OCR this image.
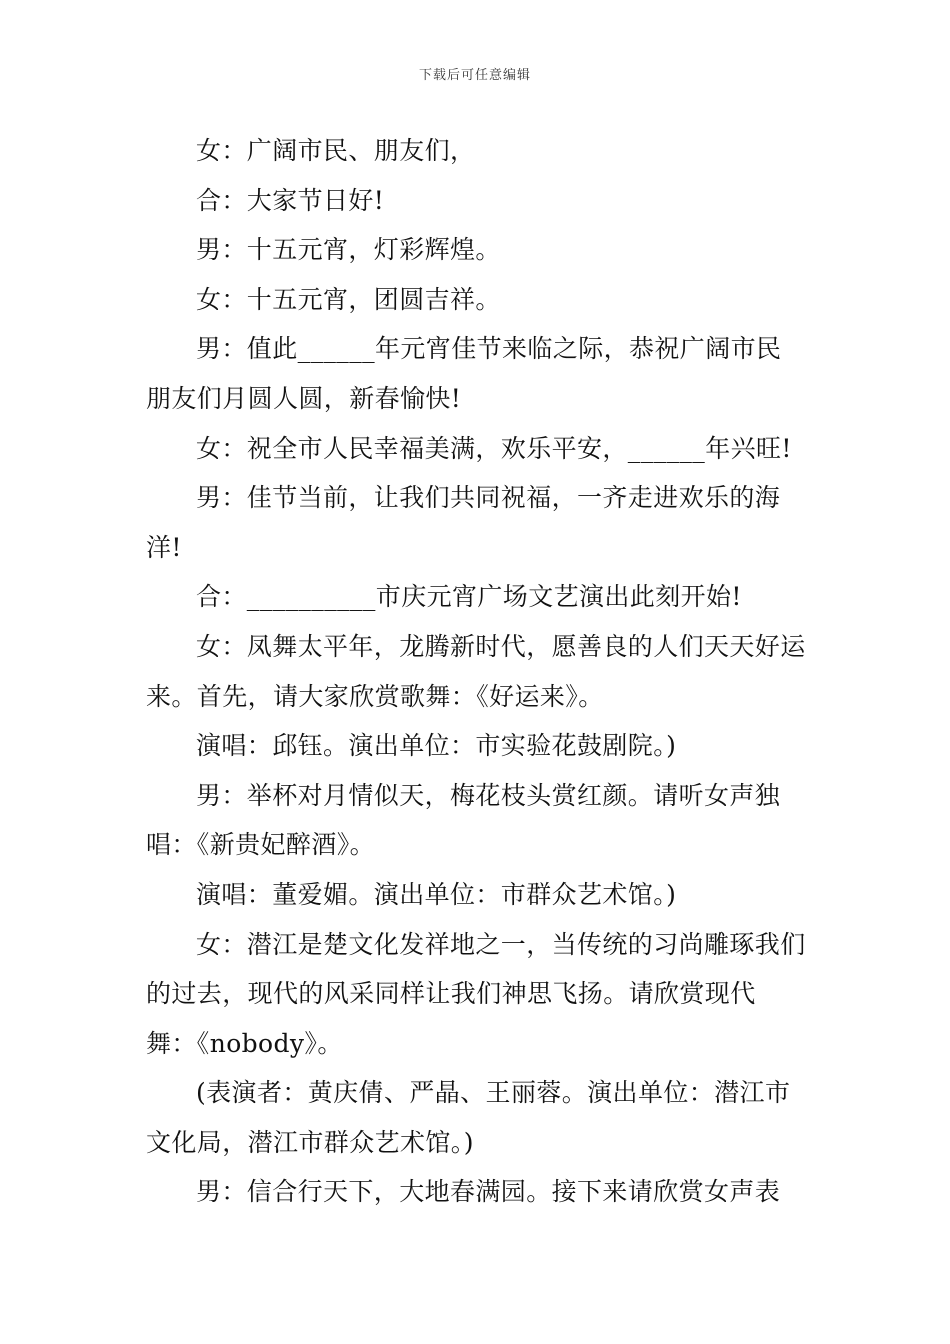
下载后可任意编辑

女：广阔市民、朋友们，

合：大家节日好!

男：十五元宵，灯彩辉煌。

女：十五元宵，团圆吉祥。

男：值此______年元宵佳节来临之际，恭祝广阔市民朋友们月圆人圆，新春愉快!

女：祝全市人民幸福美满，欢乐平安，______年兴旺!

男：佳节当前，让我们共同祝福，一齐走进欢乐的海洋!

合：__________市庆元宵广场文艺演出此刻开始!

女：凤舞太平年，龙腾新时代，愿善良的人们天天好运来。首先，请大家欣赏歌舞：《好运来》。

演唱：邱钰。演出单位：市实验花鼓剧院。)

男：举杯对月情似天，梅花枝头赏红颜。请听女声独唱：《新贵妃醉酒》。

演唱：董爱媚。演出单位：市群众艺术馆。)

女：潜江是楚文化发祥地之一，当传统的习尚雕琢我们的过去，现代的风采同样让我们神思飞扬。请欣赏现代舞：《nobody》。

(表演者：黄庆倩、严晶、王丽蓉。演出单位：潜江市文化局，潜江市群众艺术馆。)

男：信合行天下，大地春满园。接下来请欣赏女声表
